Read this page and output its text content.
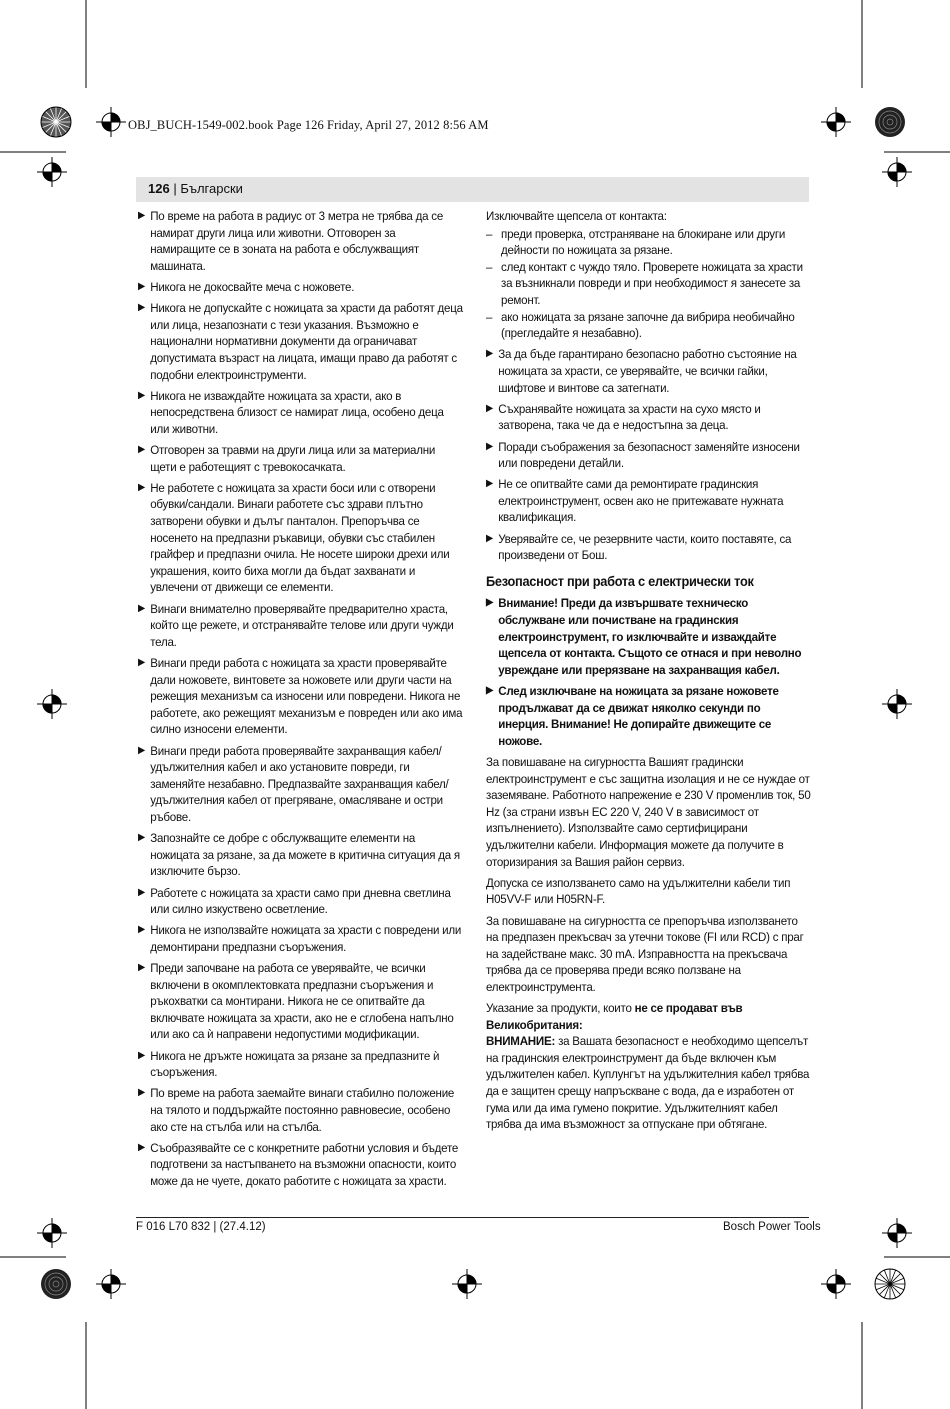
OBJ_BUCH-1549-002.book Page 126 Friday, April 27, 2012 8:56 AM
126 | Български
▶ По време на работа в радиус от 3 метра не трябва да се намират други лица или животни. Отговорен за намиращите се в зоната на работа е обслужващият машината.
▶ Никога не докосвайте меча с ножовете.
▶ Никога не допускайте с ножицата за храсти да работят деца или лица, незапознати с тези указания. Възможно е национални нормативни документи да ограничават допустимата възраст на лицата, имащи право да работят с подобни електроинструменти.
▶ Никога не изваждайте ножицата за храсти, ако в непосредствена близост се намират лица, особено деца или животни.
▶ Отговорен за травми на други лица или за материални щети е работещият с тревокосачката.
▶ Не работете с ножицата за храсти боси или с отворени обувки/сандали. Винаги работете със здрави плътно затворени обувки и дълъг панталон. Препоръчва се носенето на предпазни ръкавици, обувки със стабилен грайфер и предпазни очила. Не носете широки дрехи или украшения, които биха могли да бъдат захванати и увлечени от движещи се елементи.
▶ Винаги внимателно проверявайте предварително храста, който ще режете, и отстранявайте телове или други чужди тела.
▶ Винаги преди работа с ножицата за храсти проверявайте дали ножовете, винтовете за ножовете или други части на режещия механизъм са износени или повредени. Никога не работете, ако режещият механизъм е повреден или ако има силно износени елементи.
▶ Винаги преди работа проверявайте захранващия кабел/удължителния кабел и ако установите повреди, ги заменяйте незабавно. Предпазвайте захранващия кабел/удължителния кабел от прегряване, омасляване и остри ръбове.
▶ Запознайте се добре с обслужващите елементи на ножицата за рязане, за да можете в критична ситуация да я изключите бързо.
▶ Работете с ножицата за храсти само при дневна светлина или силно изкуствено осветление.
▶ Никога не използвайте ножицата за храсти с повредени или демонтирани предпазни съоръжения.
▶ Преди започване на работа се уверявайте, че всички включени в окомплектовката предпазни съоръжения и ръкохватки са монтирани. Никога не се опитвайте да включвате ножицата за храсти, ако не е сглобена напълно или ако са ѝ направени недопустими модификации.
▶ Никога не дръжте ножицата за рязане за предпазните ѝ съоръжения.
▶ По време на работа заемайте винаги стабилно положение на тялото и поддържайте постоянно равновесие, особено ако сте на стълба или на стълба.
▶ Съобразявайте се с конкретните работни условия и бъдете подготвени за настъпването на възможни опасности, които може да не чуете, докато работите с ножицата за храсти.
Изключвайте щепсела от контакта:
– преди проверка, отстраняване на блокиране или други дейности по ножицата за рязане.
– след контакт с чуждо тяло. Проверете ножицата за храсти за възникнали повреди и при необходимост я занесете за ремонт.
– ако ножицата за рязане започне да вибрира необичайно (прегледайте я незабавно).
▶ За да бъде гарантирано безопасно работно състояние на ножицата за храсти, се уверявайте, че всички гайки, шифтове и винтове са затегнати.
▶ Съхранявайте ножицата за храсти на сухо място и затворена, така че да е недостъпна за деца.
▶ Поради съображения за безопасност заменяйте износени или повредени детайли.
▶ Не се опитвайте сами да ремонтирате градинския електроинструмент, освен ако не притежавате нужната квалификация.
▶ Уверявайте се, че резервните части, които поставяте, са произведени от Бош.
Безопасност при работа с електрически ток
▶ Внимание! Преди да извършвате техническо обслужване или почистване на градинския електроинструмент, го изключвайте и изваждайте щепсела от контакта. Същото се отнася и при неволно увреждане или прерязване на захранващия кабел.
▶ След изключване на ножицата за рязане ножовете продължават да се движат няколко секунди по инерция. Внимание! Не допирайте движещите се ножове.
За повишаване на сигурността Вашият градински електроинструмент е със защитна изолация и не се нуждае от заземяване. Работното напрежение е 230 V променлив ток, 50 Hz (за страни извън ЕС 220 V, 240 V в зависимост от изпълнението). Използвайте само сертифицирани удължителни кабели. Информация можете да получите в оторизирания за Вашия район сервиз.
Допуска се използването само на удължителни кабели тип H05VV-F или H05RN-F.
За повишаване на сигурността се препоръчва използването на предпазен прекъсвач за утечни токове (FI или RCD) с праг на задействане макс. 30 mA. Изправността на прекъсвача трябва да се проверява преди всяко ползване на електроинструмента.
Указание за продукти, които не се продават във Великобритания:
ВНИМАНИЕ: за Вашата безопасност е необходимо щепселът на градинския електроинструмент да бъде включен към удължителен кабел. Куплунгът на удължителния кабел трябва да е защитен срещу напръскване с вода, да е изработен от гума или да има гумено покритие. Удължителният кабел трябва да има възможност за отпускане при обтягане.
F 016 L70 832 | (27.4.12)	Bosch Power Tools
